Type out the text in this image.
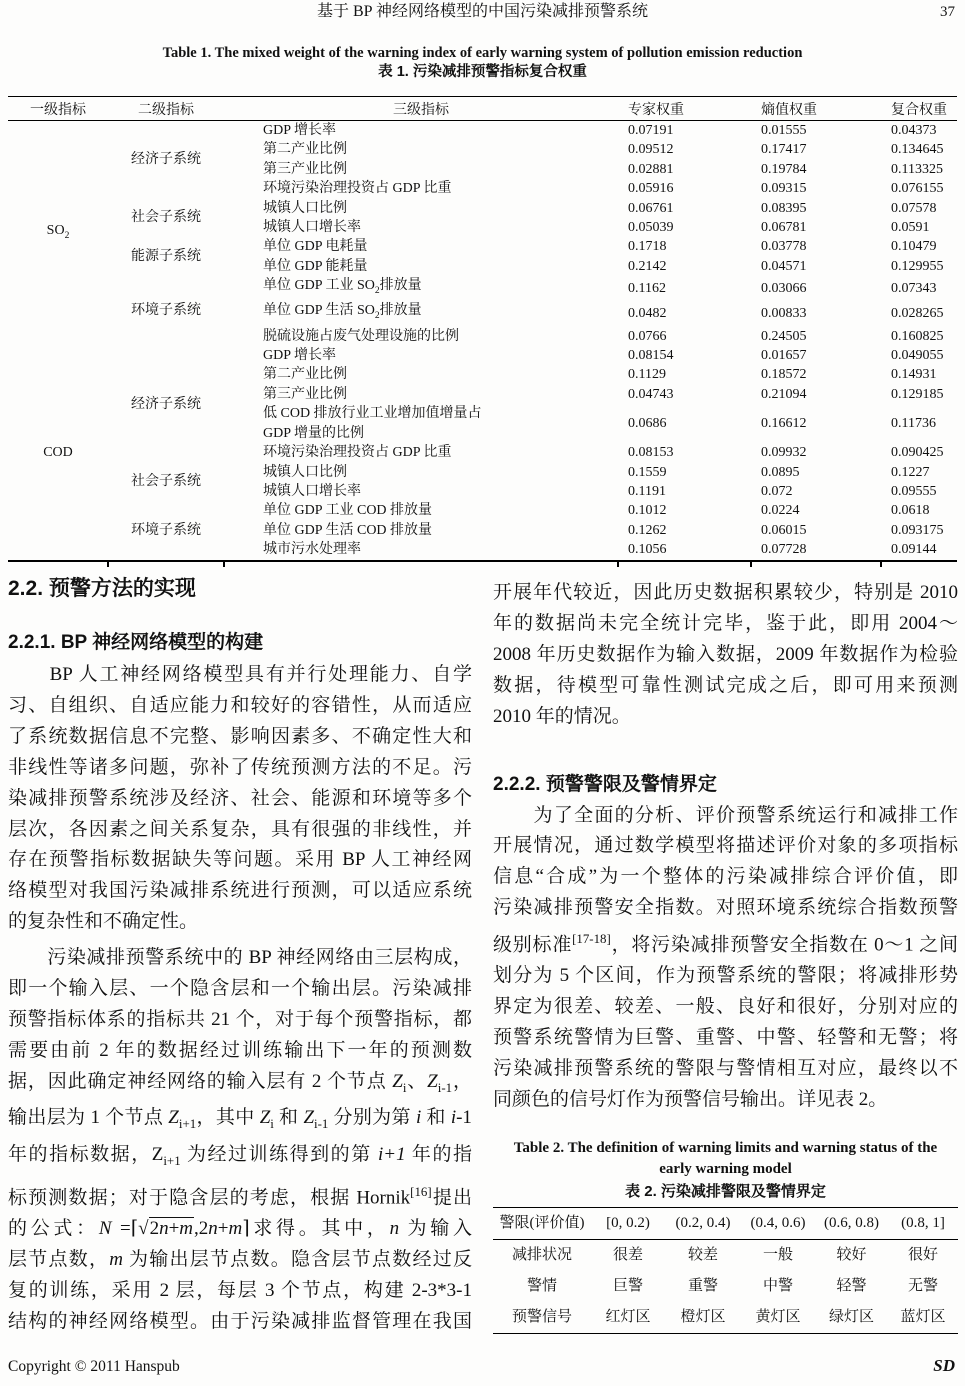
基于 BP 神经网络模型的中国污染减排预警系统	37
Table 1. The mixed weight of the warning index of early warning system of pollution emission reduction
表 1. 污染减排预警指标复合权重
一级指标	二级指标	三级指标	专家权重	熵值权重	复合权重
$SO_2$	经济子系统	GDP 增长率	0.07191	0.01555	0.04373
		第二产业比例	0.09512	0.17417	0.134645
		第三产业比例	0.02881	0.19784	0.113325
		环境污染治理投资占 GDP 比重	0.05916	0.09315	0.076155
	社会子系统	城镇人口比例	0.06761	0.08395	0.07578
		城镇人口增长率	0.05039	0.06781	0.0591
	能源子系统	单位 GDP 电耗量	0.1718	0.03778	0.10479
		单位 GDP 能耗量	0.2142	0.04571	0.129955
	环境子系统	单位 GDP 工业 $SO_2$排放量	0.1162	0.03066	0.07343
		单位 GDP 生活 $SO_2$排放量	0.0482	0.00833	0.028265
		脱硫设施占废气处理设施的比例	0.0766	0.24505	0.160825
COD	经济子系统	GDP 增长率	0.08154	0.01657	0.049055
		第二产业比例	0.1129	0.18572	0.14931
		第三产业比例	0.04743	0.21094	0.129185
		低 COD 排放行业工业增加值增量占
GDP 增量的比例	0.0686	0.16612	0.11736
		环境污染治理投资占 GDP 比重	0.08153	0.09932	0.090425
	社会子系统	城镇人口比例	0.1559	0.0895	0.1227
		城镇人口增长率	0.1191	0.072	0.09555
	环境子系统	单位 GDP 工业 COD 排放量	0.1012	0.0224	0.0618
		单位 GDP 生活 COD 排放量	0.1262	0.06015	0.093175
		城市污水处理率	0.1056	0.07728	0.09144
2.2. 预警方法的实现
2.2.1. BP 神经网络模型的构建
　　BP 人工神经网络模型具有并行处理能力、自学
习、自组织、自适应能力和较好的容错性，从而适应
了系统数据信息不完整、影响因素多、不确定性大和
非线性等诸多问题，弥补了传统预测方法的不足。污
染减排预警系统涉及经济、社会、能源和环境等多个
层次，各因素之间关系复杂，具有很强的非线性，并
存在预警指标数据缺失等问题。采用 BP 人工神经网
络模型对我国污染减排系统进行预测，可以适应系统
的复杂性和不确定性。
　　污染减排预警系统中的 BP 神经网络由三层构成，
即一个输入层、一个隐含层和一个输出层。污染减排
预警指标体系的指标共 21 个，对于每个预警指标，都
需要由前 2 年的数据经过训练输出下一年的预测数
据，因此确定神经网络的输入层有 2 个节点 $Z_i$、$Z_{i-1}$，
输出层为 1 个节点 $Z_{i+1}$，其中 $Z_i$ 和 $Z_{i-1}$ 分别为第 i 和 i-1
年的指标数据，$Z_{i+1}$ 为经过训练得到的第 i+1 年的指
标预测数据；对于隐含层的考虑，根据 Hornik[16]提出
的公式：N =⌈√2n+m,2n+m⌉求得。其中，n 为输入
层节点数，m 为输出层节点数。隐含层节点数经过反
复的训练，采用 2 层，每层 3 个节点，构建 2-3*3-1
结构的神经网络模型。由于污染减排监督管理在我国
开展年代较近，因此历史数据积累较少，特别是 2010
年的数据尚未完全统计完毕，鉴于此，即用 2004～
2008 年历史数据作为输入数据，2009 年数据作为检验
数据，待模型可靠性测试完成之后，即可用来预测
2010 年的情况。
2.2.2. 预警警限及警情界定
　　为了全面的分析、评价预警系统运行和减排工作
开展情况，通过数学模型将描述评价对象的多项指标
信息“合成”为一个整体的污染减排综合评价值，即
污染减排预警安全指数。对照环境系统综合指数预警
级别标准[17-18]，将污染减排预警安全指数在 0～1 之间
划分为 5 个区间，作为预警系统的警限；将减排形势
界定为很差、较差、一般、良好和很好，分别对应的
预警系统警情为巨警、重警、中警、轻警和无警；将
污染减排预警系统的警限与警情相互对应，最终以不
同颜色的信号灯作为预警信号输出。详见表 2。
Table 2. The definition of warning limits and warning status of the
early warning model
表 2. 污染减排警限及警情界定
警限(评价值)	[0, 0.2)	(0.2, 0.4)	(0.4, 0.6)	(0.6, 0.8)	(0.8, 1]
减排状况	很差	较差	一般	较好	很好
警情	巨警	重警	中警	轻警	无警
预警信号	红灯区	橙灯区	黄灯区	绿灯区	蓝灯区
Copyright © 2011 Hanspub	SD
